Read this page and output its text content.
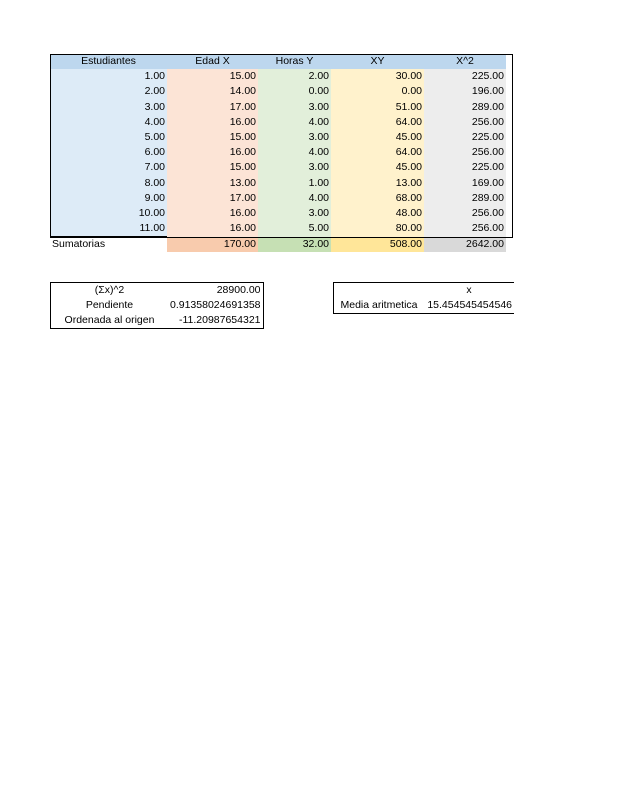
Estudiantes	Edad X	Horas Y	XY	X^2
1.00	15.00	2.00	30.00	225.00
2.00	14.00	0.00	0.00	196.00
3.00	17.00	3.00	51.00	289.00
4.00	16.00	4.00	64.00	256.00
5.00	15.00	3.00	45.00	225.00
6.00	16.00	4.00	64.00	256.00
7.00	15.00	3.00	45.00	225.00
8.00	13.00	1.00	13.00	169.00
9.00	17.00	4.00	68.00	289.00
10.00	16.00	3.00	48.00	256.00
11.00	16.00	5.00	80.00	256.00
Sumatorias	170.00	32.00	508.00	2642.00
(Σx)^2	28900.00
Pendiente	0.91358024691358
Ordenada al origen	-11.20987654321
	x
Media aritmetica	15.454545454546
